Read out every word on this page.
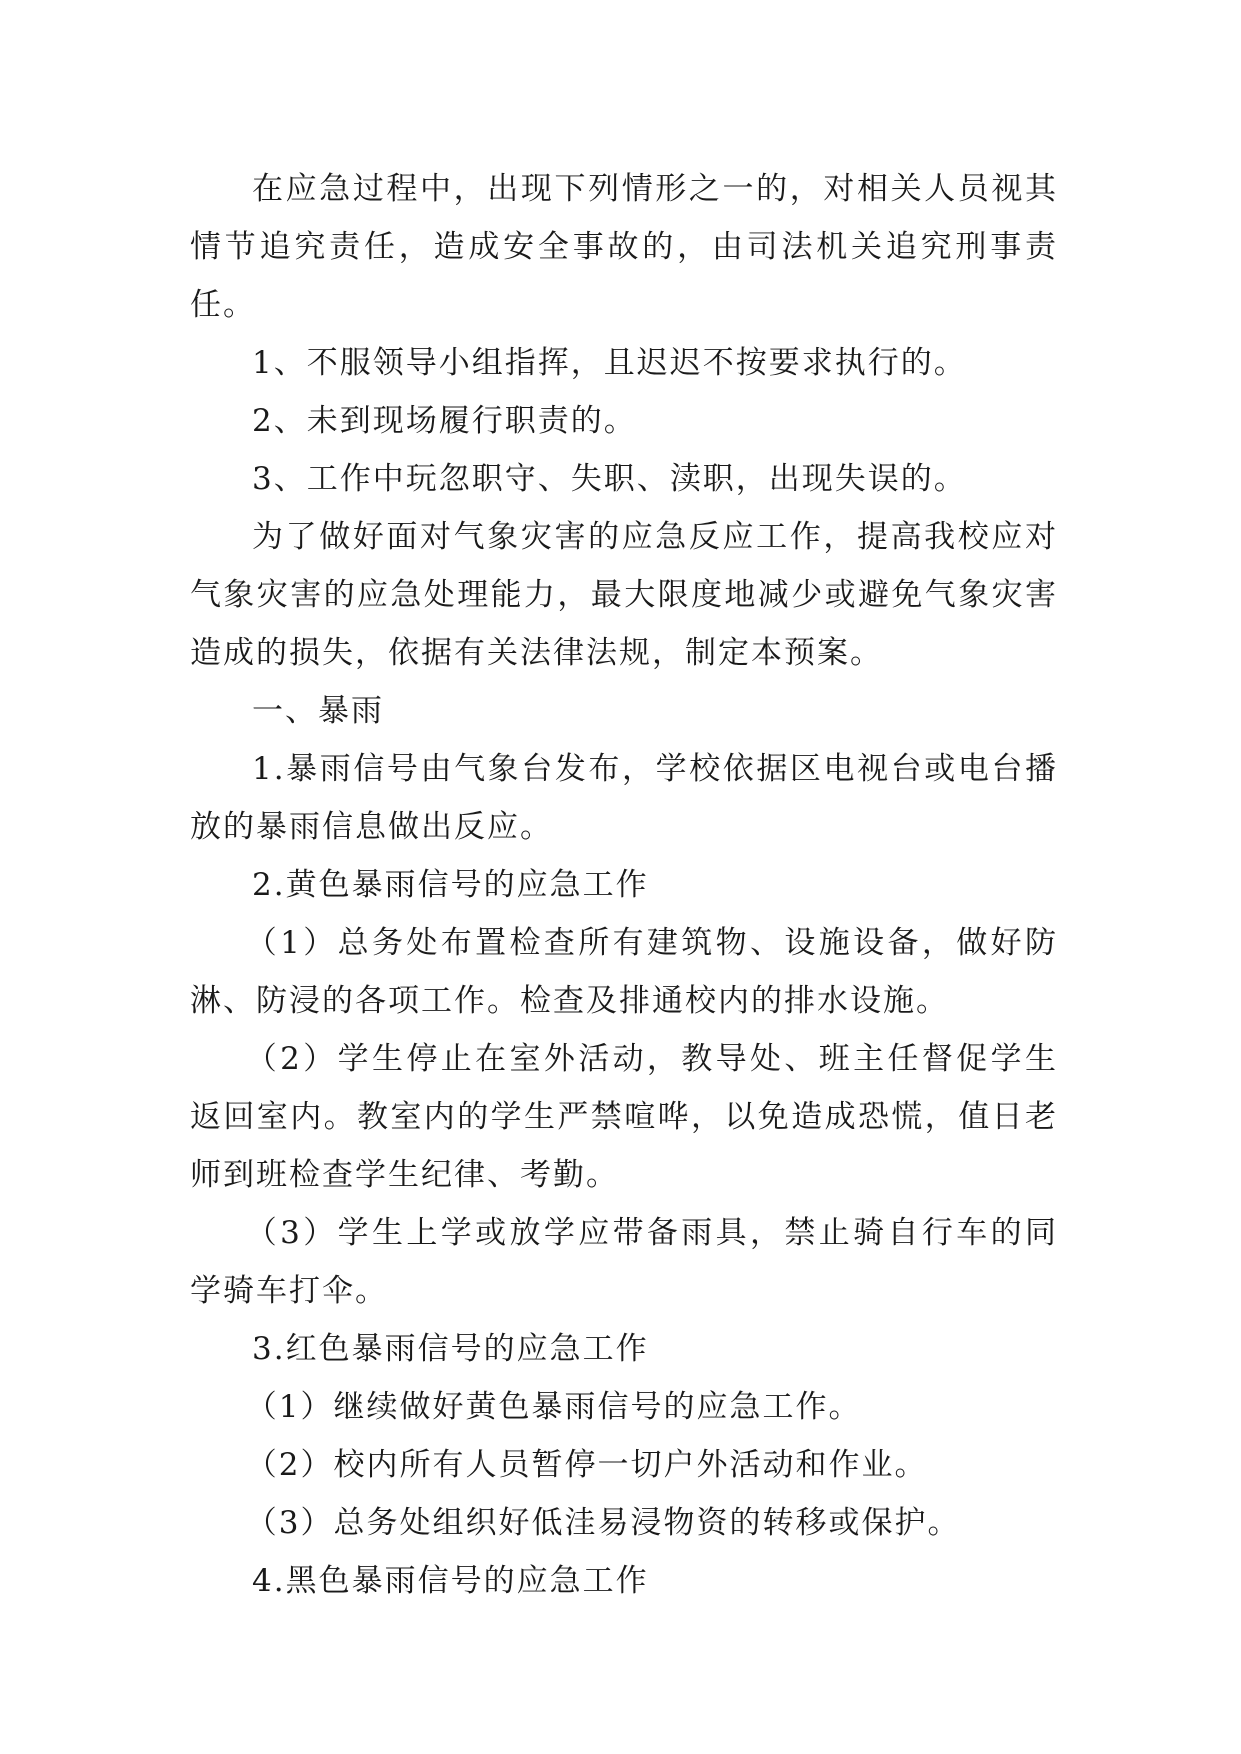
在应急过程中，出现下列情形之一的，对相关人员视其情节追究责任，造成安全事故的，由司法机关追究刑事责任。

1、不服领导小组指挥，且迟迟不按要求执行的。

2、未到现场履行职责的。

3、工作中玩忽职守、失职、渎职，出现失误的。

为了做好面对气象灾害的应急反应工作，提高我校应对气象灾害的应急处理能力，最大限度地减少或避免气象灾害造成的损失，依据有关法律法规，制定本预案。

一、暴雨

1.暴雨信号由气象台发布，学校依据区电视台或电台播放的暴雨信息做出反应。

2.黄色暴雨信号的应急工作

（1）总务处布置检查所有建筑物、设施设备，做好防淋、防浸的各项工作。检查及排通校内的排水设施。

（2）学生停止在室外活动，教导处、班主任督促学生返回室内。教室内的学生严禁喧哗，以免造成恐慌，值日老师到班检查学生纪律、考勤。

（3）学生上学或放学应带备雨具，禁止骑自行车的同学骑车打伞。

3.红色暴雨信号的应急工作

（1）继续做好黄色暴雨信号的应急工作。

（2）校内所有人员暂停一切户外活动和作业。

（3）总务处组织好低洼易浸物资的转移或保护。

4.黑色暴雨信号的应急工作
